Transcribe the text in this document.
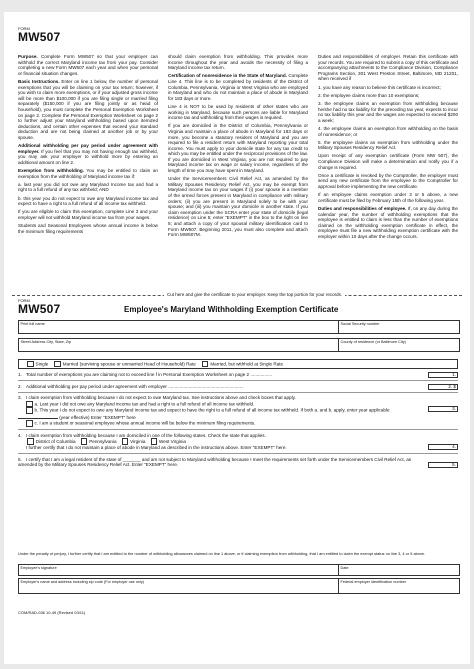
FORM
MW507

Purpose. Complete Form MW507 so that your employer can withhold the correct Maryland income tax from your pay. Consider completing a new Form MW507 each year and when your personal or financial situation changes.

Basic Instructions. Enter on line 1 below, the number of personal exemptions that you will be claiming on your tax return; however, if you wish to claim more exemptions, or if your adjusted gross income will be more than $100,000 if you are filing single or married filing separately ($150,000 if you are filing jointly or as head of household), you must complete the Personal Exemption Worksheet on page 2. Complete the Personal Exemption Worksheet on page 2 to further adjust your Maryland withholding based upon itemized deductions, and certain other expenses that exceed your standard deduction and are not being claimed at another job or by your spouse.

Additional withholding per pay period under agreement with employer. If you feel that you may not having enough tax withheld, you may ask your employer to withhold more by entering an additional amount on line 2.

Exemption from withholding. You may be entitled to claim an exemption from the withholding of Maryland income tax if:

a. last year you did not owe any Maryland Income tax and had a right to a full refund of any tax withheld; AND

b. this year you do not expect to owe any Maryland income tax and expect to have a right to a full refund of all income tax withheld.

If you are eligible to claim this exemption, complete Line 3 and your employer will not withhold Maryland income tax from your wages.

Students and Seasonal Employees whose annual income is below the minimum filing requirements

should claim exemption from withholding. This provides more income throughout the year and avoids the necessity of filing a Maryland income tax return.

Certification of nonresidence in the State of Maryland. Complete Line 4. This line is to be completed by residents of the District of Columbia, Pennsylvania, Virginia or West Virginia who are employed in Maryland and who do not maintain a place of abode in Maryland for 183 days or more.

Line 4 is NOT to be used by residents of other states who are working in Maryland, because such persons are liable for Maryland income tax and withholding from their wages is required.

If you are domiciled in the District of Columbia, Pennsylvania or Virginia and maintain a place of abode in Maryland for 183 days or more, you become a statutory resident of Maryland and you are required to file a resident return with Maryland reporting your total income. You must apply to your domicile state for any tax credit to which you may be entitled under the reciprocal provisions of the law. If you are domiciled in West Virginia, you are not required to pay Maryland income tax on wage or salary income, regardless of the length of time you may have spent in Maryland.

Under the Servicemembers Civil Relief Act, as amended by the Military Spouses Residency Relief Act, you may be exempt from Maryland income tax on your wages if (i) your spouse is a member of the armed forces present in Maryland in compliance with military orders; (ii) you are present in Maryland solely to be with your spouse; and (iii) you maintain your domicile in another state. If you claim exemption under the SCRA enter your state of domicile (legal residence) on Line 5; enter "EXEMPT" in the box to the right on line 5; and attach a copy of your spousal military identification card to Form MW507. Beginning 2011, you must also complete and attach Form MW507M.

Duties and responsibilities of employer. Retain this certificate with your records. You are required to submit a copy of this certificate and accompanying attachments to the Compliance Division, Compliance Programs Section, 301 West Preston Street, Baltimore, MD 21201, when received if

1. you have any reason to believe this certificate is incorrect;

2. the employee claims more than 10 exemptions;

3. the employee claims an exemption from withholding because he/she had no tax liability for the preceding tax year, expects to incur no tax liability this year and the wages are expected to exceed $200 a week;

4. the employee claims an exemption from withholding on the basis of nonresidence; or

5. the employee claims an exemption from withholding under the Military Spouses Residency Relief Act.

Upon receipt of any exemption certificate (Form MW 507), the Compliance Division will make a determination and notify you if a change is required.

Once a certificate is revoked by the Comptroller, the employer must send any new certificate from the employee to the Comptroller for approval before implementing the new certificate.

If an employee claims exemption under 3 or 5 above, a new certificate must be filed by February 15th of the following year.

Duties and responsibilities of employee. If, on any day during the calendar year, the number of withholding exemptions that the employee is entitled to claim is less than the number of exemptions claimed on the withholding exemption certificate in effect, the employee must file a new withholding exemption certificate with the employer within 10 days after the change occurs.

Cut here and give the certificate to your employer. Keep the top portion for your records.
FORM
MW507	Employee's Maryland Withholding Exemption Certificate
Print full name	Social Security number
Street Address City, State, Zip	County of residence (or Baltimore City)
Single	Married (surviving spouse or unmarried Head of Household) Rate	Married, but withhold at Single Rate
1. Total number of exemptions you are claiming not to exceed line f in Personal Exemption Worksheet on page 2 .................	1.
2. Additional withholding per pay period under agreement with employer ...........................................................	2. $
3. I claim exemption from withholding because I do not expect to owe Maryland tax. See instructions above and check boxes that apply.
a. Last year I did not owe any Maryland income tax and had a right to a full refund of all income tax withheld.
b. This year I do not expect to owe any Maryland income tax and expect to have the right to a full refund of all income tax withheld. If both a. and b. apply, enter year applicable  (year effective) Enter "EXEMPT" here
c. I am a student or seasonal employee whose annual income will be below the minimum filing requirements.
3.
4. I claim exemption from withholding because I am domiciled in one of the following states. Check the state that applies.
District of Columbia	Pennsylvania	Virginia	West Virginia
I further certify that I do not maintain a place of abode in Maryland as described in the instructions above. Enter "EXEMPT" here.	4.
5. I certify that I am a legal resident of the state of _______ and am not subject to Maryland withholding because I meet the requirements set forth under the Servicemembers Civil Relief Act, as amended by the Military Spouses Residency Relief Act. Enter "EXEMPT" here.	5.
Under the penalty of perjury, I further certify that I am entitled to the number of withholding allowances claimed on line 1 above, or if claiming exemption from withholding, that I am entitled to claim the exempt status on line 3, 4 or 5 above.
Employee's signature	Date
Employer's name and address including zip code (For employer use only)	Federal employer identification number
COM/RAD-036 10-49 (Revised 03/11)
